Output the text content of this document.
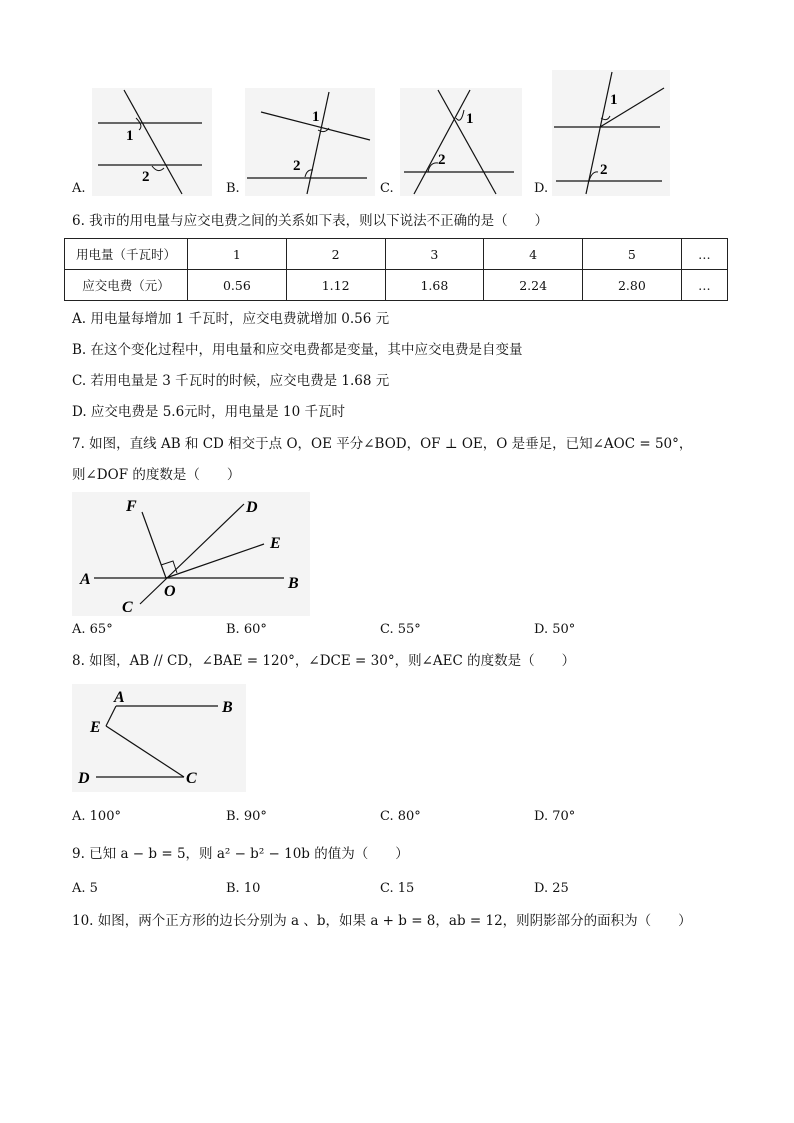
1
2
1
2
1
2
1
2
A.	B.	C.	D.
6. 我市的用电量与应交电费之间的关系如下表，则以下说法不正确的是（　　）
用电量（千瓦时）	1	2	3	4	5	…
应交电费（元）	0.56	1.12	1.68	2.24	2.80	…
A. 用电量每增加 1 千瓦时，应交电费就增加 0.56 元
B. 在这个变化过程中，用电量和应交电费都是变量，其中应交电费是自变量
C. 若用电量是 3 千瓦时的时候，应交电费是 1.68 元
D. 应交电费是 5.6元时，用电量是 10 千瓦时
7. 如图，直线 AB 和 CD 相交于点 O，OE 平分∠BOD，OF ⊥ OE，O 是垂足，已知∠AOC = 50°，
则∠DOF 的度数是（　　）
F	D
E
A
O	B
C
A. 65°	B. 60°	C. 55°	D. 50°
8. 如图，AB // CD，∠BAE = 120°，∠DCE = 30°，则∠AEC 的度数是（　　）
A
B
E
D	C
A. 100°	B. 90°	C. 80°	D. 70°
9. 已知 a − b = 5，则 a² − b² − 10b 的值为（　　）
A. 5	B. 10	C. 15	D. 25
10. 如图，两个正方形的边长分别为 a 、b，如果 a + b = 8，ab = 12，则阴影部分的面积为（　　）
